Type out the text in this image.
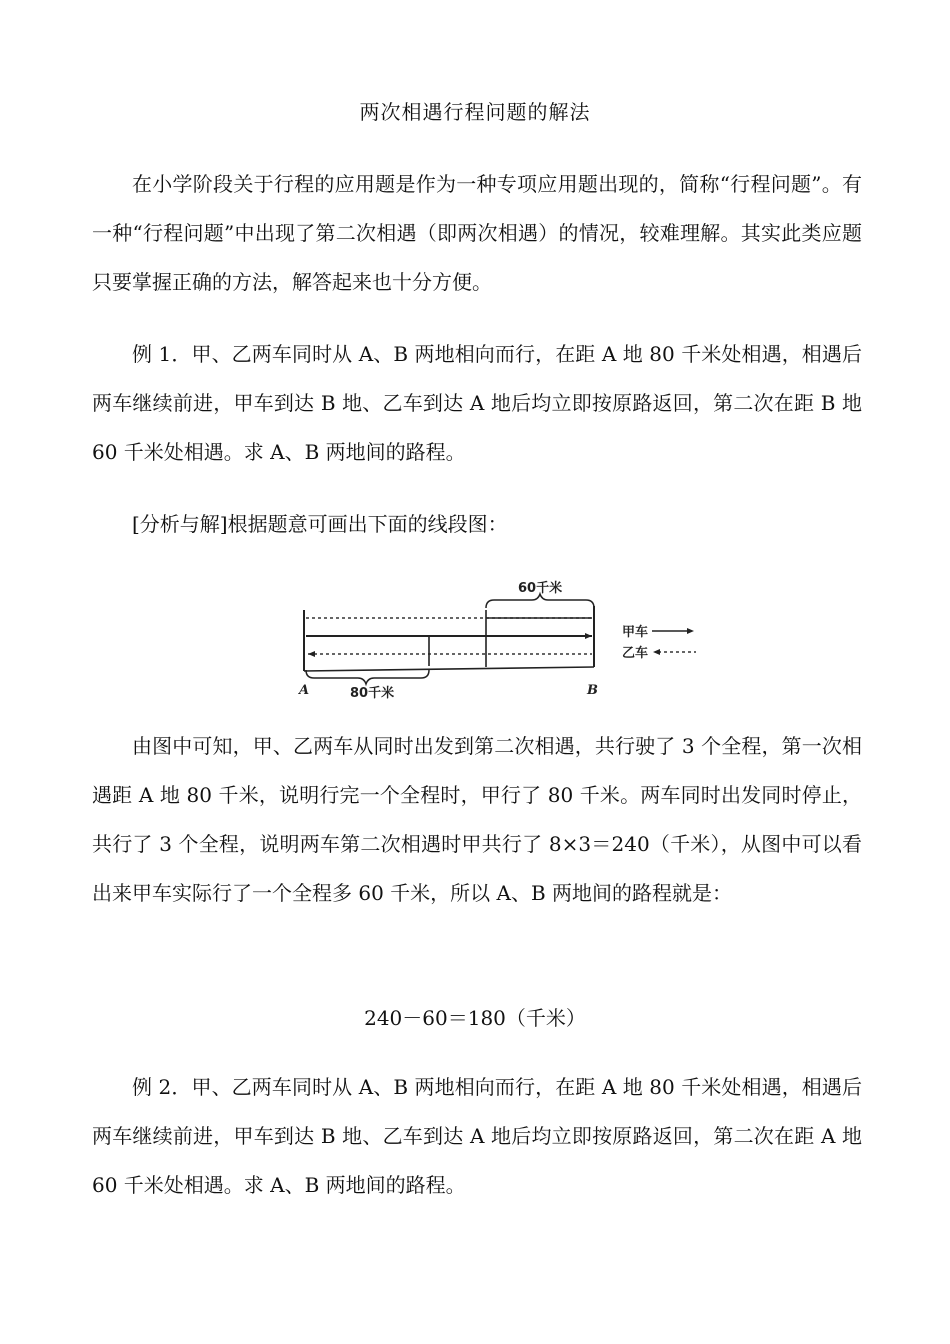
两次相遇行程问题的解法

在小学阶段关于行程的应用题是作为一种专项应用题出现的，简称“行程问题”。有一种“行程问题”中出现了第二次相遇（即两次相遇）的情况，较难理解。其实此类应题只要掌握正确的方法，解答起来也十分方便。

例 1．甲、乙两车同时从 A、B 两地相向而行，在距 A 地 80 千米处相遇，相遇后两车继续前进，甲车到达 B 地、乙车到达 A 地后均立即按原路返回，第二次在距 B 地 60 千米处相遇。求 A、B 两地间的路程。

[分析与解]根据题意可画出下面的线段图：

60千米
80千米
A	B
甲车
乙车

由图中可知，甲、乙两车从同时出发到第二次相遇，共行驶了 3 个全程，第一次相遇距 A 地 80 千米，说明行完一个全程时，甲行了 80 千米。两车同时出发同时停止，共行了 3 个全程，说明两车第二次相遇时甲共行了 8×3＝240（千米），从图中可以看出来甲车实际行了一个全程多 60 千米，所以 A、B 两地间的路程就是：

240－60＝180（千米）

例 2．甲、乙两车同时从 A、B 两地相向而行，在距 A 地 80 千米处相遇，相遇后两车继续前进，甲车到达 B 地、乙车到达 A 地后均立即按原路返回，第二次在距 A 地 60 千米处相遇。求 A、B 两地间的路程。
